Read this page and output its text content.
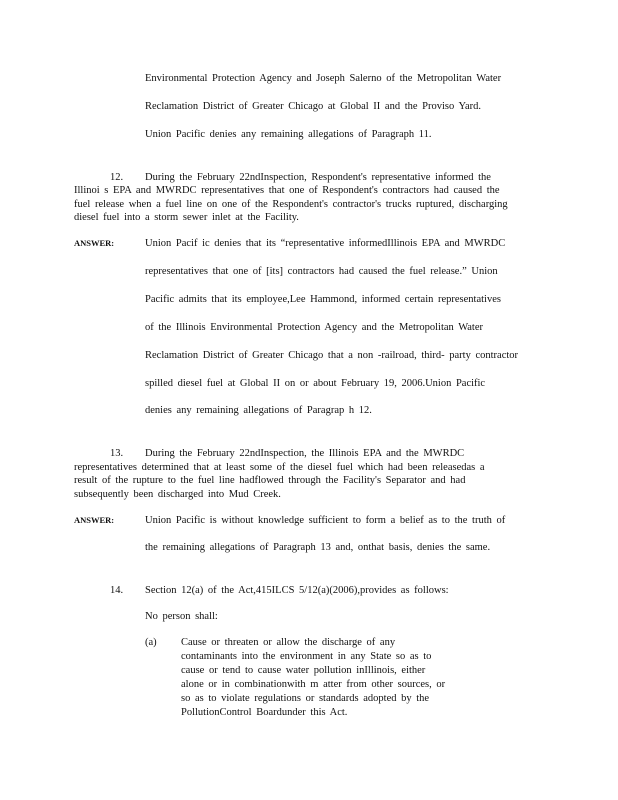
Environmental Protection Agency and Joseph Salerno of the Metropolitan Water
Reclamation District of Greater Chicago at Global II and the Proviso Yard.
Union Pacific denies any remaining allegations of Paragraph 11.
12. During the February 22ndInspection, Respondent's representative informed the
Illinoi s EPA and MWRDC representatives that one of Respondent's contractors had caused the
fuel release when a fuel line on one of the Respondent's contractor's trucks ruptured, discharging
diesel fuel into a storm sewer inlet at the Facility.
ANSWER:	Union Pacif ic denies that its “representative informedIllinois EPA and MWRDC
representatives that one of [its] contractors had caused the fuel release.” Union
Pacific admits that its employee,Lee Hammond, informed certain representatives
of the Illinois Environmental Protection Agency and the Metropolitan Water
Reclamation District of Greater Chicago that a non -railroad, third- party contractor
spilled diesel fuel at Global II on or about February 19, 2006.Union Pacific
denies any remaining allegations of Paragrap h 12.
13. During the February 22ndInspection, the Illinois EPA and the MWRDC
representatives determined that at least some of the diesel fuel which had been releasedas a
result of the rupture to the fuel line hadflowed through the Facility's Separator and had
subsequently been discharged into Mud Creek.
ANSWER:	Union Pacific is without knowledge sufficient to form a belief as to the truth of
the remaining allegations of Paragraph 13 and, onthat basis, denies the same.
14. Section 12(a) of the Act,415ILCS 5/12(a)(2006),provides as follows:
No person shall:
(a) Cause or threaten or allow the discharge of any
contaminants into the environment in any State so as to
cause or tend to cause water pollution inIllinois, either
alone or in combinationwith m atter from other sources, or
so as to violate regulations or standards adopted by the
PollutionControl Boardunder this Act.
